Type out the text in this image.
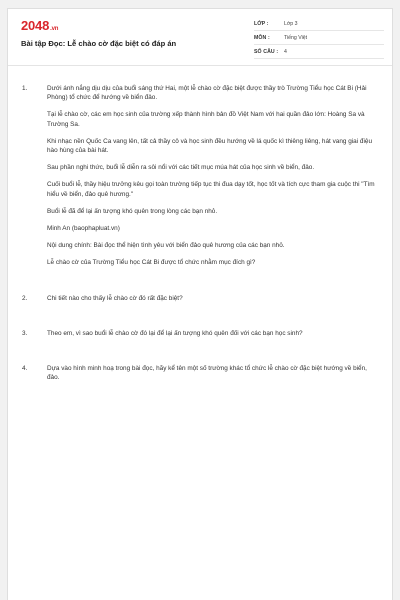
2048.vn
Bài tập Đọc: Lễ chào cờ đặc biệt có đáp án
LỚP :	Lớp 3
MÔN :	Tiếng Việt
SỐ CÂU :	4
1.	Dưới ánh nắng dịu dịu của buổi sáng thứ Hai, một lễ chào cờ đặc biệt được thầy trò Trường Tiểu học Cát Bi (Hải Phòng) tổ chức để hướng về biển đảo.

Tại lễ chào cờ, các em học sinh của trường xếp thành hình bản đồ Việt Nam với hai quần đảo lớn: Hoàng Sa và Trường Sa.

Khi nhạc nền Quốc Ca vang lên, tất cả thầy cô và học sinh đều hướng về lá quốc kì thiêng liêng, hát vang giai điệu hào hùng của bài hát.

Sau phần nghi thức, buổi lễ diễn ra sôi nổi với các tiết mục múa hát của học sinh về biển, đảo.

Cuối buổi lễ, thầy hiệu trưởng kêu gọi toàn trường tiếp tục thi đua dạy tốt, học tốt và tích cực tham gia cuộc thi "Tìm hiểu về biển, đảo quê hương."

Buổi lễ đã để lại ấn tượng khó quên trong lòng các bạn nhỏ.

Minh An (baophapluat.vn)

Nội dung chính: Bài đọc thể hiện tình yêu với biển đảo quê hương của các bạn nhỏ.

Lễ chào cờ của Trường Tiểu học Cát Bi được tổ chức nhằm mục đích gì?

2.	Chi tiết nào cho thấy lễ chào cờ đó rất đặc biệt?

3.	Theo em, vì sao buổi lễ chào cờ đó lại để lại ấn tượng khó quên đối với các bạn học sinh?

4.	Dựa vào hình minh hoạ trong bài đọc, hãy kể tên một số trường khác tổ chức lễ chào cờ đặc biệt hướng về biển, đảo.
